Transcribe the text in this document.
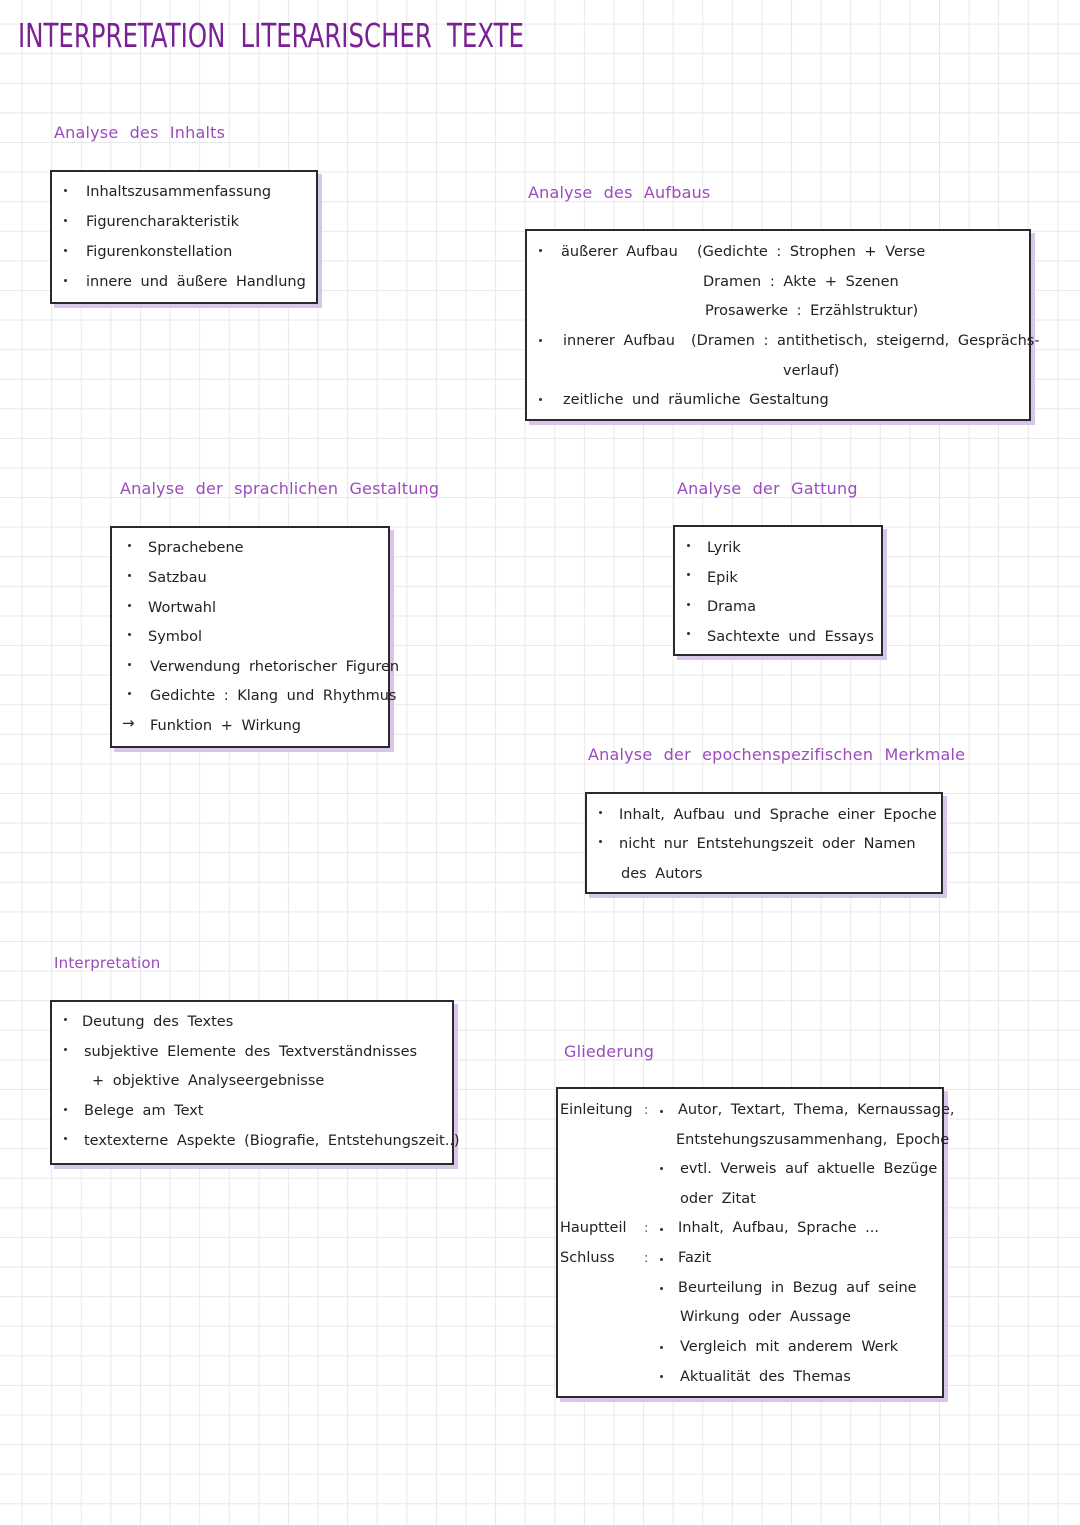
INTERPRETATION LITERARISCHER TEXTE
Analyse des Inhalts
Inhaltszusammenfassung
Figurencharakteristik
Figurenkonstellation
innere und äußere Handlung
Analyse des Aufbaus
äußerer Aufbau (Gedichte : Strophen + Verse
Dramen : Akte + Szenen
Prosawerke : Erzählstruktur)
innerer Aufbau (Dramen : antithetisch, steigernd, Gesprächs-
verlauf)
zeitliche und räumliche Gestaltung
Analyse der sprachlichen Gestaltung
Sprachebene
Satzbau
Wortwahl
Symbol
Verwendung rhetorischer Figuren
Gedichte : Klang und Rhythmus
→ Funktion + Wirkung
Analyse der Gattung
Lyrik
Epik
Drama
Sachtexte und Essays
Analyse der epochenspezifischen Merkmale
Inhalt, Aufbau und Sprache einer Epoche
nicht nur Entstehungszeit oder Namen
des Autors
Interpretation
Deutung des Textes
subjektive Elemente des Textverständnisses
+ objektive Analyseergebnisse
Belege am Text
textexterne Aspekte (Biografie, Entstehungszeit..)
Gliederung
Einleitung : Autor, Textart, Thema, Kernaussage,
Entstehungszusammenhang, Epoche
evtl. Verweis auf aktuelle Bezüge
oder Zitat
Hauptteil : Inhalt, Aufbau, Sprache ...
Schluss : Fazit
Beurteilung in Bezug auf seine
Wirkung oder Aussage
Vergleich mit anderem Werk
Aktualität des Themas
